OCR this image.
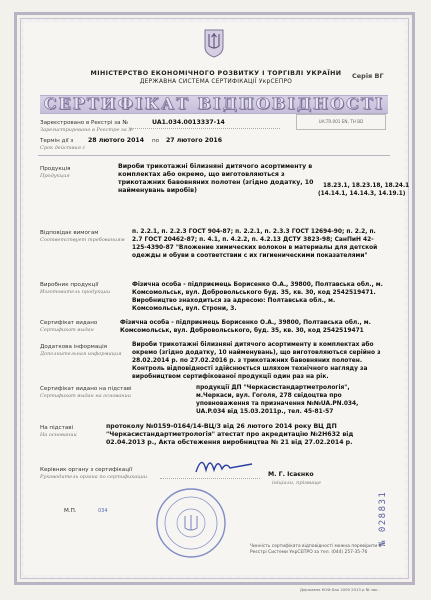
МІНІСТЕРСТВО ЕКОНОМІЧНОГО РОЗВИТКУ І ТОРГІВЛІ УКРАЇНИ
ДЕРЖАВНА СИСТЕМА СЕРТИФІКАЦІЇ УкрСЕПРО
Серія ВГ
СЕРТИФІКАТ ВІДПОВІДНОСТІ
Зареєстровано в Реєстрі за №
Зарегистрировано в Реестре за №
UA1.034.0013337-14	UA.TR.001 EN, TH BD
Термін дії з
Срок действия с
28 лютого 2014 по 27 лютого 2016
Продукція
Продукция
Вироби трикотажні білизняні дитячого асортименту в комплектах або окремо, що виготовляються з трикотажних бавовняних полотен (згідно додатку, 10 найменувань виробів)
18.23.1, 18.23.18, 18.24.1
(14.14.1, 14.14.3, 14.19.1)
Відповідає вимогам
Соответствует требованиям
п. 2.2.1, п. 2.2.3 ГОСТ 904-87; п. 2.2.1, п. 2.3.3 ГОСТ 12694-90; п. 2.2, п. 2.7 ГОСТ 20462-87; п. 4.1, п. 4.2.2, п. 4.2.13 ДСТУ 3823-98; СанПиН 42-125-4390-87 "Вложение химических волокон в материалы для детской одежды и обуви в соответствии с их гигиеническими показателями"
Виробник продукції
Изготовитель продукции
Фізична особа - підприємець Борисенко О.А., 39800, Полтавська обл., м. Комсомольськ, вул. Добровольського буд. 35, кв. 30, код 2542519471. Виробництво знаходиться за адресою: Полтавська обл., м. Комсомольськ, вул. Строни, 3.
Сертифікат видано
Сертификат выдан
Фізична особа - підприємець Борисенко О.А., 39800, Полтавська обл., м. Комсомольськ, вул. Добровольського, буд. 35, кв. 30, код 2542519471
Додаткова інформація
Дополнительная информация
Вироби трикотажні білизняні дитячого асортименту в комплектах або окремо (згідно додатку, 10 найменувань), що виготовляються серійно з 28.02.2014 р. по 27.02.2016 р. з трикотажних бавовняних полотен. Контроль відповідності здійснюється шляхом технічного нагляду за виробництвом сертифікованої продукції один раз на рік.
Сертифікат видано на підставі
Сертификат выдан на основании
продукції ДП "Черкасистандартметрологія", м.Черкаси, вул. Гоголя, 278 свідоцтва про уповноваження та призначення №№UA.PN.034, UA.P.034 від 15.03.2011р., тел. 45-81-57
На підставі
На основании
протоколу №0159-0164/14-ВЦ/3 від 26 лютого 2014 року ВЦ ДП "Черкасистандартметрологія" атестат про акредитацію №2Н632 від 02.04.2013 р., Акта обстеження виробництва № 21 від 27.02.2014 р.
Керівник органу з сертифікації
Руководитель органа по сертификации	М. Г. Ісаєнко
ініціали, прізвище
М.П.	034
№ 028831
Чинність сертифіката відповідності можна перевірити в Реєстрі Системи УкрСЕПРО за тел. (044) 257-35-76
Державне КОФ Бак 2009 2013 р № зак.
